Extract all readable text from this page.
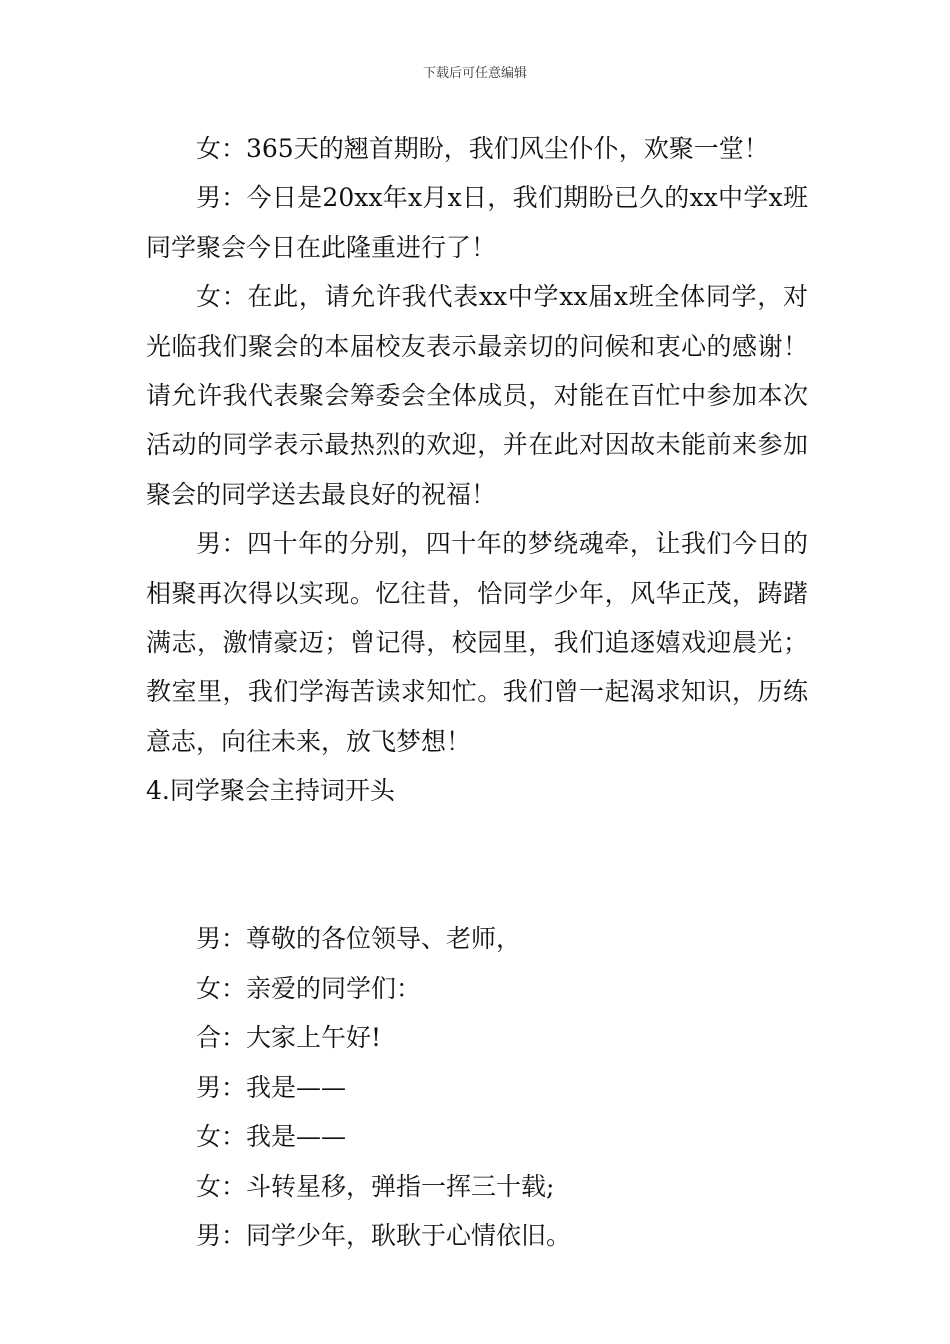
下载后可任意编辑

女：365天的翘首期盼，我们风尘仆仆，欢聚一堂！

男：今日是20xx年x月x日，我们期盼已久的xx中学x班同学聚会今日在此隆重进行了！

女：在此，请允许我代表xx中学xx届x班全体同学，对光临我们聚会的本届校友表示最亲切的问候和衷心的感谢！请允许我代表聚会筹委会全体成员，对能在百忙中参加本次活动的同学表示最热烈的欢迎，并在此对因故未能前来参加聚会的同学送去最良好的祝福！

男：四十年的分别，四十年的梦绕魂牵，让我们今日的相聚再次得以实现。忆往昔，恰同学少年，风华正茂，踌躇满志，激情豪迈；曾记得，校园里，我们追逐嬉戏迎晨光；教室里，我们学海苦读求知忙。我们曾一起渴求知识，历练意志，向往未来，放飞梦想！

4.同学聚会主持词开头

男：尊敬的各位领导、老师，

女：亲爱的同学们：

合：大家上午好!

男：我是——

女：我是——

女：斗转星移，弹指一挥三十载;

男：同学少年，耿耿于心情依旧。
